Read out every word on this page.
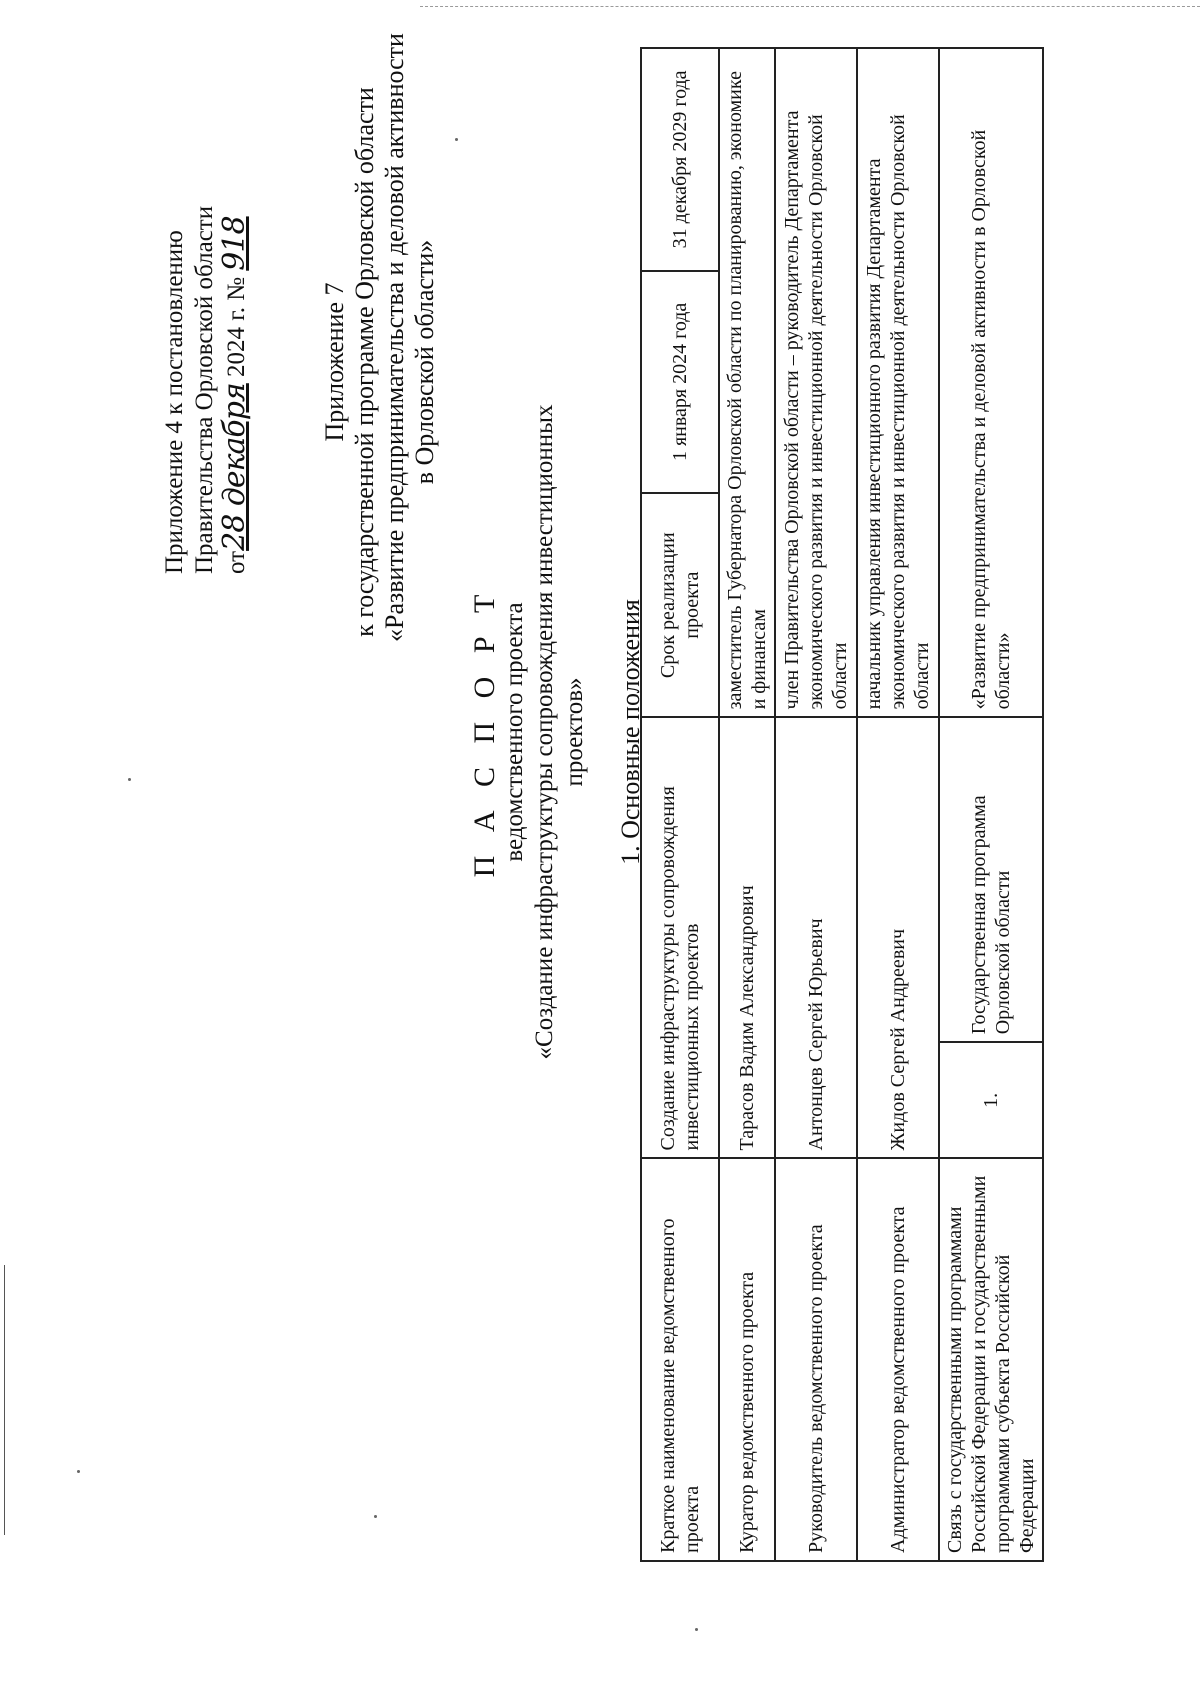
Приложение 4 к постановлению Правительства Орловской области от28 декабря 2024 г. № 918
Приложение 7 к государственной программе Орловской области «Развитие предпринимательства и деловой активности в Орловской области»
П А С П О Р Т ведомственного проекта «Создание инфраструктуры сопровождения инвестиционных проектов» 1. Основные положения
Краткое наименование ведомственного проекта	Создание инфраструктуры сопровождения инвестиционных проектов		Срок реализации проекта	1 января 2024 года	31 декабря 2029 года
Куратор ведомственного проекта	Тарасов Вадим Александрович		заместитель Губернатора Орловской области по планированию, экономике и финансам		
Руководитель ведомственного проекта	Антонцев Сергей Юрьевич		член Правительства Орловской области – руководитель Департамента экономического развития и инвестиционной деятельности Орловской области		
Администратор ведомственного проекта	Жидов Сергей Андреевич		начальник управления инвестиционного развития Департамента экономического развития и инвестиционной деятельности Орловской области		
Связь с государственными программами Российской Федерации и государственными программами субъекта Российской Федерации	1.	Государственная программа Орловской области	«Развитие предпринимательства и деловой активности в Орловской области»		
